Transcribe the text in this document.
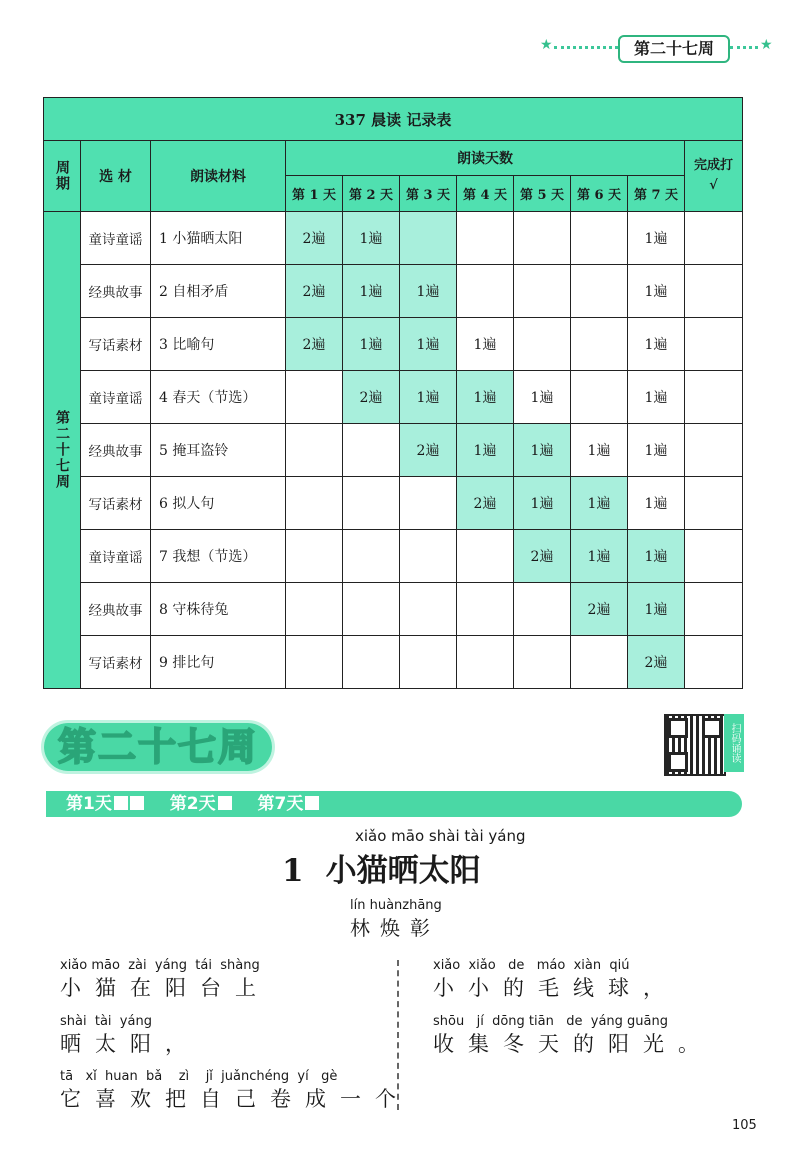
★	第二十七周	★
337 晨读 记录表										

周期	选 材	朗读材料	朗读天数							完成打√
			第 1 天	第 2 天	第 3 天	第 4 天	第 5 天	第 6 天	第 7 天	

第二十七周	童诗童谣	1 小猫晒太阳	2遍	1遍					1遍	
	经典故事	2 自相矛盾	2遍	1遍	1遍				1遍	
	写话素材	3 比喻句	2遍	1遍	1遍	1遍			1遍	
	童诗童谣	4 春天（节选）		2遍	1遍	1遍	1遍		1遍	
	经典故事	5 掩耳盗铃			2遍	1遍	1遍	1遍	1遍	
	写话素材	6 拟人句				2遍	1遍	1遍	1遍	
	童诗童谣	7 我想（节选）					2遍	1遍	1遍	
	经典故事	8 守株待兔						2遍	1遍	
	写话素材	9 排比句							2遍	
第二十七周	扫码诵读
第1天	第2天 第7天
xiǎo māo shài tài yáng
1 小猫晒太阳
lín huànzhāng
林焕彰
xiǎo māo  zài  yáng  tái  shàng
小猫在阳台上
shài  tài  yáng
晒太阳，
tā   xǐ  huan  bǎ    zì    jǐ  juǎnchéng  yí   gè
它喜欢把自己卷成一个
xiǎo  xiǎo   de   máo  xiàn  qiú
小小的毛线球，
shōu   jí  dōng tiān   de  yáng guāng
收集冬天的阳光。
105
